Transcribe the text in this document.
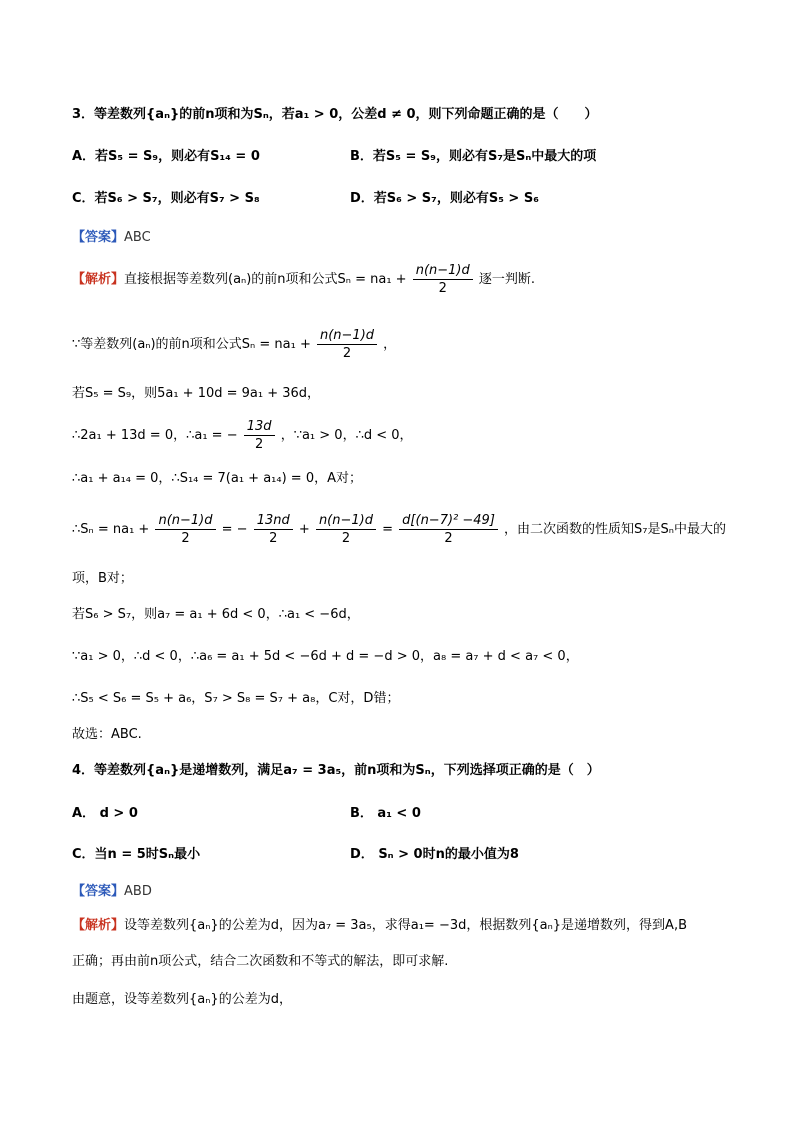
3．等差数列{aₙ}的前n项和为Sₙ，若a₁ > 0，公差d ≠ 0，则下列命题正确的是（　　）
A．若S₅ = S₉，则必有S₁₄ = 0	B．若S₅ = S₉，则必有S₇是Sₙ中最大的项
C．若S₆ > S₇，则必有S₇ > S₈	D．若S₆ > S₇，则必有S₅ > S₆
【答案】ABC
【解析】直接根据等差数列(aₙ)的前n项和公式$S_n = na_1 + \frac{n(n-1)d}{2}$ 逐一判断.
∵等差数列(aₙ)的前n项和公式$S_n = na_1 + \frac{n(n-1)d}{2}$ ，
若S₅ = S₉，则5a₁ + 10d = 9a₁ + 36d，
∴2a₁ + 13d = 0，∴a₁ = − $\frac{13d}{2}$ ，∵a₁ > 0，∴d < 0，
∴a₁ + a₁₄ = 0，∴S₁₄ = 7(a₁ + a₁₄) = 0，A对；
∴Sₙ = $na_1 + \frac{n(n-1)d}{2}$ = − $\frac{13nd}{2} + \frac{n(n-1)d}{2} = \frac{\text{d[(n−7)² −49]}}{2}$ ，由二次函数的性质知S₇是Sₙ中最大的
项，B对；
若S₆ > S₇，则a₇ = a₁ + 6d < 0，∴a₁ < −6d，
∵a₁ > 0，∴d < 0，∴a₆ = a₁ + 5d < −6d + d = −d > 0，a₈ = a₇ + d < a₇ < 0，
∴S₅ < S₆ = S₅ + a₆，S₇ > S₈ = S₇ + a₈，C对，D错；
故选：ABC.
4．等差数列{aₙ}是递增数列，满足a₇ = 3a₅，前n项和为Sₙ，下列选择项正确的是（　）
A． d > 0	B． a₁ < 0
C．当n = 5时Sₙ最小	D． Sₙ > 0时n的最小值为8
【答案】ABD
【解析】设等差数列{aₙ}的公差为d，因为a₇ = 3a₅，求得a₁= −3d，根据数列{aₙ}是递增数列，得到A,B
正确；再由前n项公式，结合二次函数和不等式的解法，即可求解.
由题意，设等差数列{aₙ}的公差为d，
